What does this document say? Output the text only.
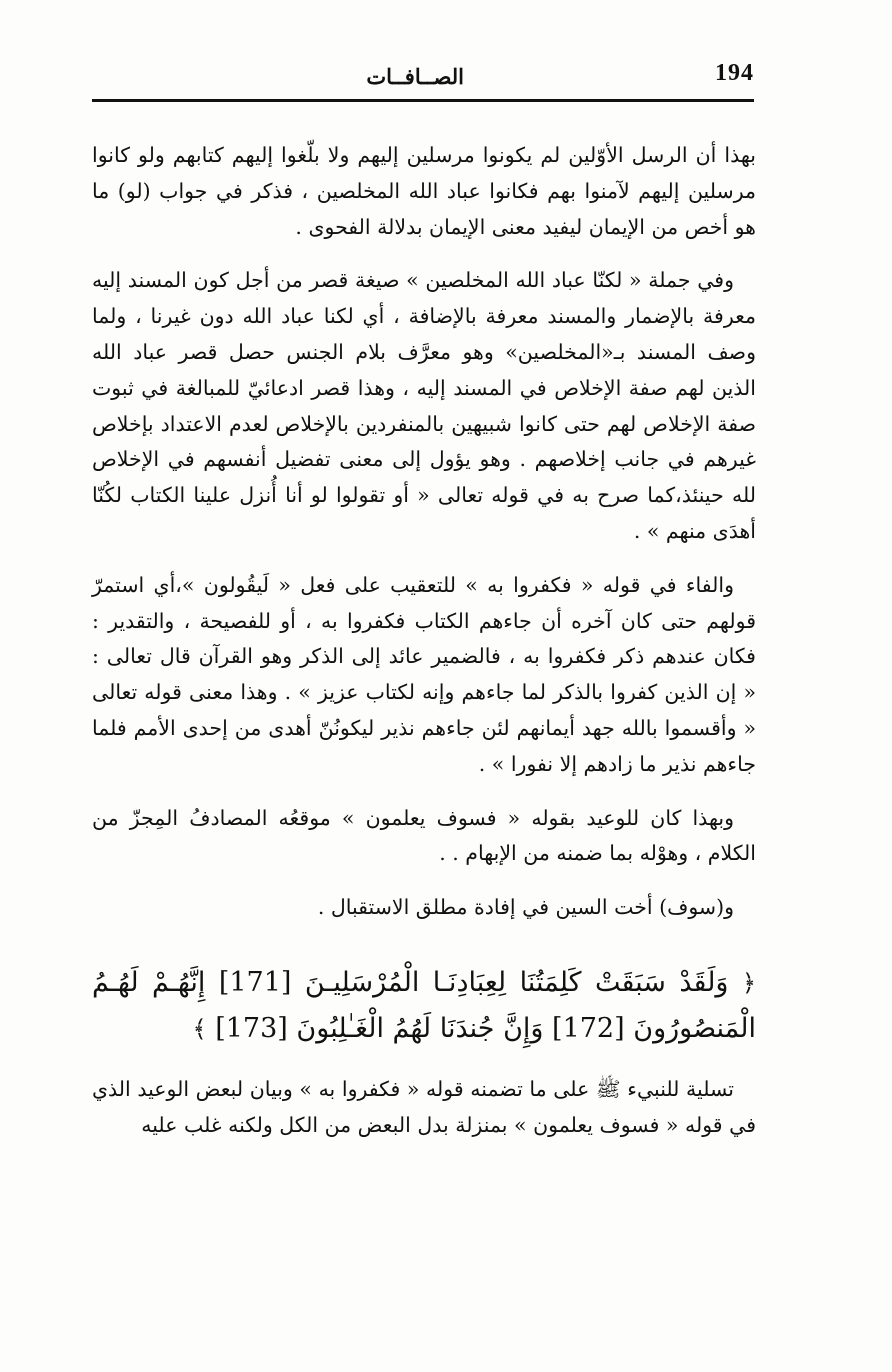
194
الصــافــات

بهذا أن الرسل الأوّلين لم يكونوا مرسلين إليهم ولا بلّغوا إليهم كتابهم ولو كانوا مرسلين إليهم لآمنوا بهم فكانوا عباد الله المخلصين ، فذكر في جواب (لو) ما هو أخص من الإيمان ليفيد معنى الإيمان بدلالة الفحوى .

وفي جملة « لكنّا عباد الله المخلصين » صيغة قصر من أجل كون المسند إليه معرفة بالإضمار والمسند معرفة بالإضافة ، أي لكنا عباد الله دون غيرنا ، ولما وصف المسند بـ«المخلصين» وهو معرَّف بلام الجنس حصل قصر عباد الله الذين لهم صفة الإخلاص في المسند إليه ، وهذا قصر ادعائيّ للمبالغة في ثبوت صفة الإخلاص لهم حتى كانوا شبيهين بالمنفردين بالإخلاص لعدم الاعتداد بإخلاص غيرهم في جانب إخلاصهم . وهو يؤول إلى معنى تفضيل أنفسهم في الإخلاص لله حينئذ،كما صرح به في قوله تعالى « أو تقولوا لو أنا أُنزل علينا الكتاب لكُنّا أهدَى منهم » .

والفاء في قوله « فكفروا به » للتعقيب على فعل « لَيقُولون »،أي استمرّ قولهم حتى كان آخره أن جاءهم الكتاب فكفروا به ، أو للفصيحة ، والتقدير : فكان عندهم ذكر فكفروا به ، فالضمير عائد إلى الذكر وهو القرآن قال تعالى : « إن الذين كفروا بالذكر لما جاءهم وإنه لكتاب عزيز » . وهذا معنى قوله تعالى « وأقسموا بالله جهد أيمانهم لئن جاءهم نذير ليكونُنّ أهدى من إحدى الأمم فلما جاءهم نذير ما زادهم إلا نفورا » .

وبهذا كان للوعيد بقوله « فسوف يعلمون » موقعُه المصادفُ المِجزّ من الكلام ، وهوْله بما ضمنه من الإبهام . .

و(سوف) أخت السين في إفادة مطلق الاستقبال .

﴿ وَلَقَدْ سَبَقَتْ كَلِمَتُنَا لِعِبَادِنَـا الْمُرْسَلِيـنَ [171] إِنَّهُـمْ لَهُـمُ الْمَنصُورُونَ [172] وَإِنَّ جُندَنَا لَهُمُ الْغَـٰلِبُونَ [173] ﴾

تسلية للنبيء ﷺ على ما تضمنه قوله « فكفروا به » وبيان لبعض الوعيد الذي في قوله « فسوف يعلمون » بمنزلة بدل البعض من الكل ولكنه غلب عليه
